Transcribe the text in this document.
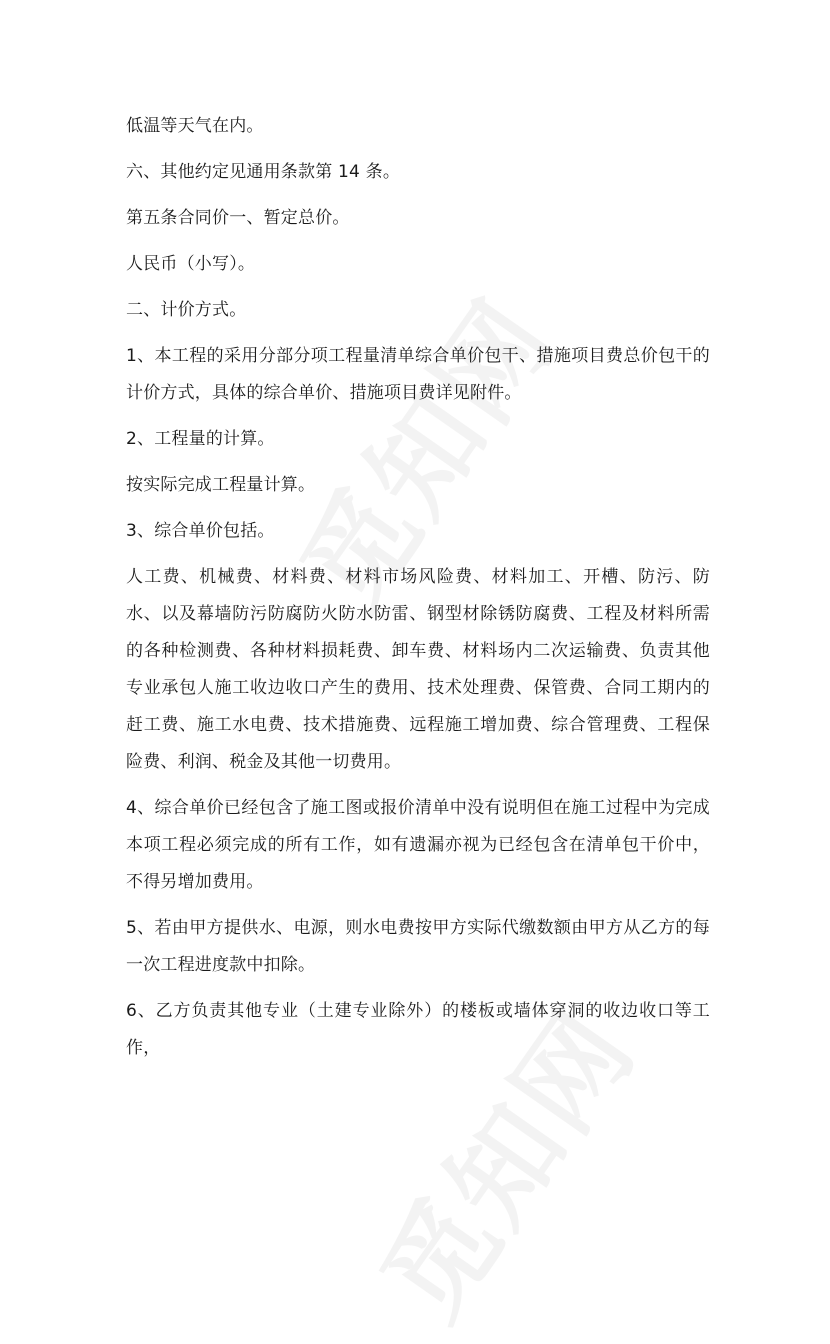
低温等天气在内。

六、其他约定见通用条款第 14 条。

第五条合同价一、暂定总价。

人民币（小写）。

二、计价方式。

1、本工程的采用分部分项工程量清单综合单价包干、措施项目费总价包干的计价方式，具体的综合单价、措施项目费详见附件。

2、工程量的计算。

按实际完成工程量计算。

3、综合单价包括。

人工费、机械费、材料费、材料市场风险费、材料加工、开槽、防污、防水、以及幕墙防污防腐防火防水防雷、钢型材除锈防腐费、工程及材料所需的各种检测费、各种材料损耗费、卸车费、材料场内二次运输费、负责其他专业承包人施工收边收口产生的费用、技术处理费、保管费、合同工期内的赶工费、施工水电费、技术措施费、远程施工增加费、综合管理费、工程保险费、利润、税金及其他一切费用。

4、综合单价已经包含了施工图或报价清单中没有说明但在施工过程中为完成本项工程必须完成的所有工作，如有遗漏亦视为已经包含在清单包干价中，不得另增加费用。

5、若由甲方提供水、电源，则水电费按甲方实际代缴数额由甲方从乙方的每一次工程进度款中扣除。

6、乙方负责其他专业（土建专业除外）的楼板或墙体穿洞的收边收口等工作，
